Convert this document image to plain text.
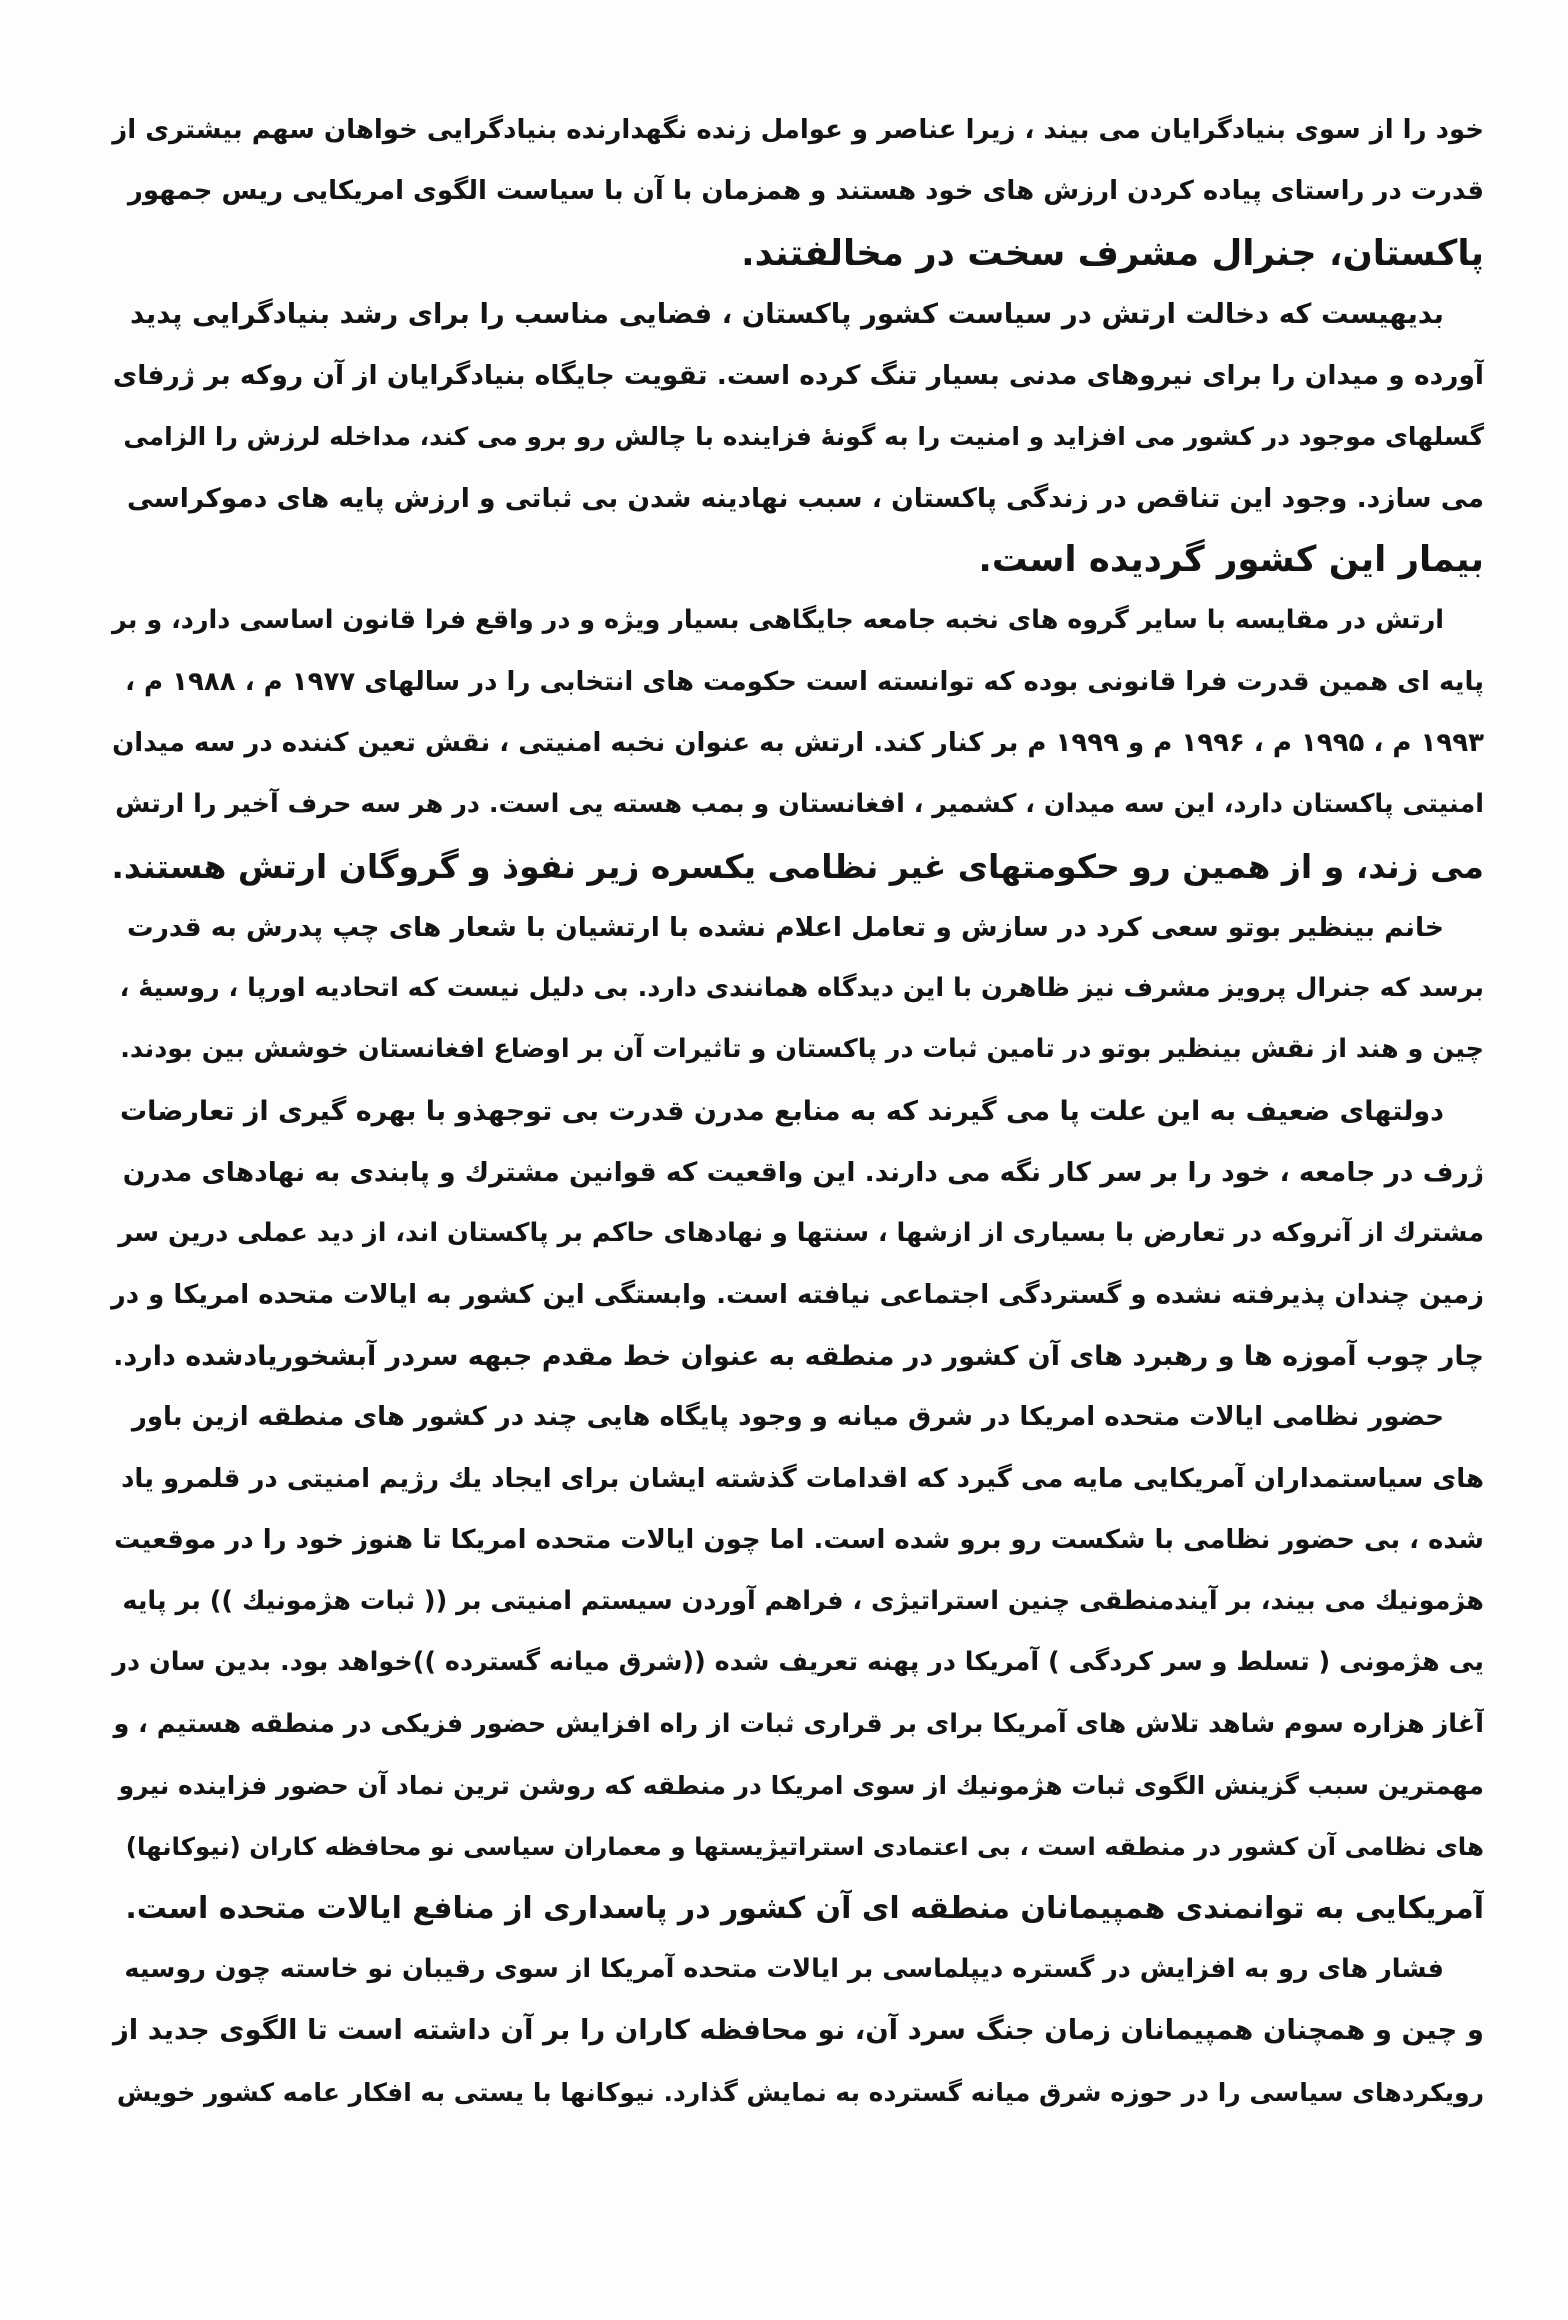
خود را از سوی بنیادگرایان می بیند ، زیرا عناصر و عوامل زنده نگهدارنده بنیادگرایی خواهان سهم بیشتری از
قدرت در راستای پیاده کردن ارزش های خود هستند و همزمان با آن با سیاست الگوی امریکایی ریس جمهور
پاکستان، جنرال مشرف سخت در مخالفتند.

بدیهیست که دخالت ارتش در سیاست کشور پاکستان ، فضایی مناسب را برای رشد بنیادگرایی پدید
آورده و میدان را برای نیروهای مدنی بسیار تنگ کرده است. تقویت جایگاه بنیادگرایان از آن روکه بر ژرفای
گسلهای موجود در کشور می افزاید و امنیت را به گونۀ فزاینده با چالش رو برو می کند، مداخله لرزش را الزامی
می سازد. وجود این تناقص در زندگی پاکستان ، سبب نهادینه شدن بی ثباتی و ارزش پایه های دموکراسی
بیمار این کشور گردیده است.

ارتش در مقایسه با سایر گروه های نخبه جامعه جایگاهی بسیار ویژه و در واقع فرا قانون اساسی دارد، و بر
پایه ای همین قدرت فرا قانونی بوده که توانسته است حکومت های انتخابی را در سالهای ۱۹۷۷ م ، ۱۹۸۸ م ،
۱۹۹۳ م ، ۱۹۹۵ م ، ۱۹۹۶ م و ۱۹۹۹ م بر کنار کند. ارتش به عنوان نخبه امنیتی ، نقش تعین کننده در سه میدان
امنیتی پاکستان دارد، این سه میدان ، کشمیر ، افغانستان و بمب هسته یی است. در هر سه حرف آخیر را ارتش
می زند، و از همین رو حکومتهای غیر نظامی یکسره زیر نفوذ و گروگان ارتش هستند.

خانم بینظیر بوتو سعی کرد در سازش و تعامل اعلام نشده با ارتشیان با شعار های چپ پدرش به قدرت
برسد که جنرال پرویز مشرف نیز ظاهرن با این دیدگاه همانندی دارد. بی دلیل نیست که اتحادیه اورپا ، روسیهٔ ،
چین و هند از نقش بینظیر بوتو در تامین ثبات در پاکستان و تاثیرات آن بر اوضاع افغانستان خوشش بین بودند.

دولتهای ضعیف به این علت پا می گیرند که به منابع مدرن قدرت بی توجهذو با بهره گیری از تعارضات
ژرف در جامعه ، خود را بر سر کار نگه می دارند. این واقعیت که قوانین مشترك و پابندی به نهادهای مدرن
مشترك از آنروکه در تعارض با بسیاری از ازشها ، سنتها و نهادهای حاکم بر پاکستان اند، از دید عملی درین سر
زمین چندان پذیرفته نشده و گستردگی اجتماعی نیافته است. وابستگی این کشور به ایالات متحده امریکا و در
چار چوب آموزه ها و رهبرد های آن کشور در منطقه به عنوان خط مقدم جبهه سردر آبشخوریادشده دارد.

حضور نظامی ایالات متحده امریکا در شرق میانه و وجود پایگاه هایی چند در کشور های منطقه ازین باور
های سیاستمداران آمریکایی مایه می گیرد که اقدامات گذشته ایشان برای ایجاد یك رژیم امنیتی در قلمرو یاد
شده ، بی حضور نظامی با شکست رو برو شده است. اما چون ایالات متحده امریکا تا هنوز خود را در موقعیت
هژمونیك می بیند، بر آیندمنطقی چنین استراتیژی ، فراهم آوردن سیستم امنیتی بر (( ثبات هژمونیك )) بر پایه
یی هژمونی ( تسلط و سر کردگی ) آمریکا در پهنه تعریف شده ((شرق میانه گسترده ))خواهد بود. بدین سان در
آغاز هزاره سوم شاهد تلاش های آمریکا برای بر قراری ثبات از راه افزایش حضور فزیکی در منطقه هستیم ، و
مهمترین سبب گزینش الگوی ثبات هژمونیك از سوی امریکا در منطقه که روشن ترین نماد آن حضور فزاینده نیرو
های نظامی آن کشور در منطقه است ، بی اعتمادی استراتیژیستها و معماران سیاسی نو محافظه کاران (نیوکانها)
آمریکایی به توانمندی همپیمانان منطقه ای آن کشور در پاسداری از منافع ایالات متحده است.

فشار های رو به افزایش در گستره دیپلماسی بر ایالات متحده آمریکا از سوی رقیبان نو خاسته چون روسیه
و چین و همچنان همپیمانان زمان جنگ سرد آن، نو محافظه کاران را بر آن داشته است تا الگوی جدید از
رویکردهای سیاسی را در حوزه شرق میانه گسترده به نمایش گذارد. نیوکانها با یستی به افکار عامه کشور خویش
